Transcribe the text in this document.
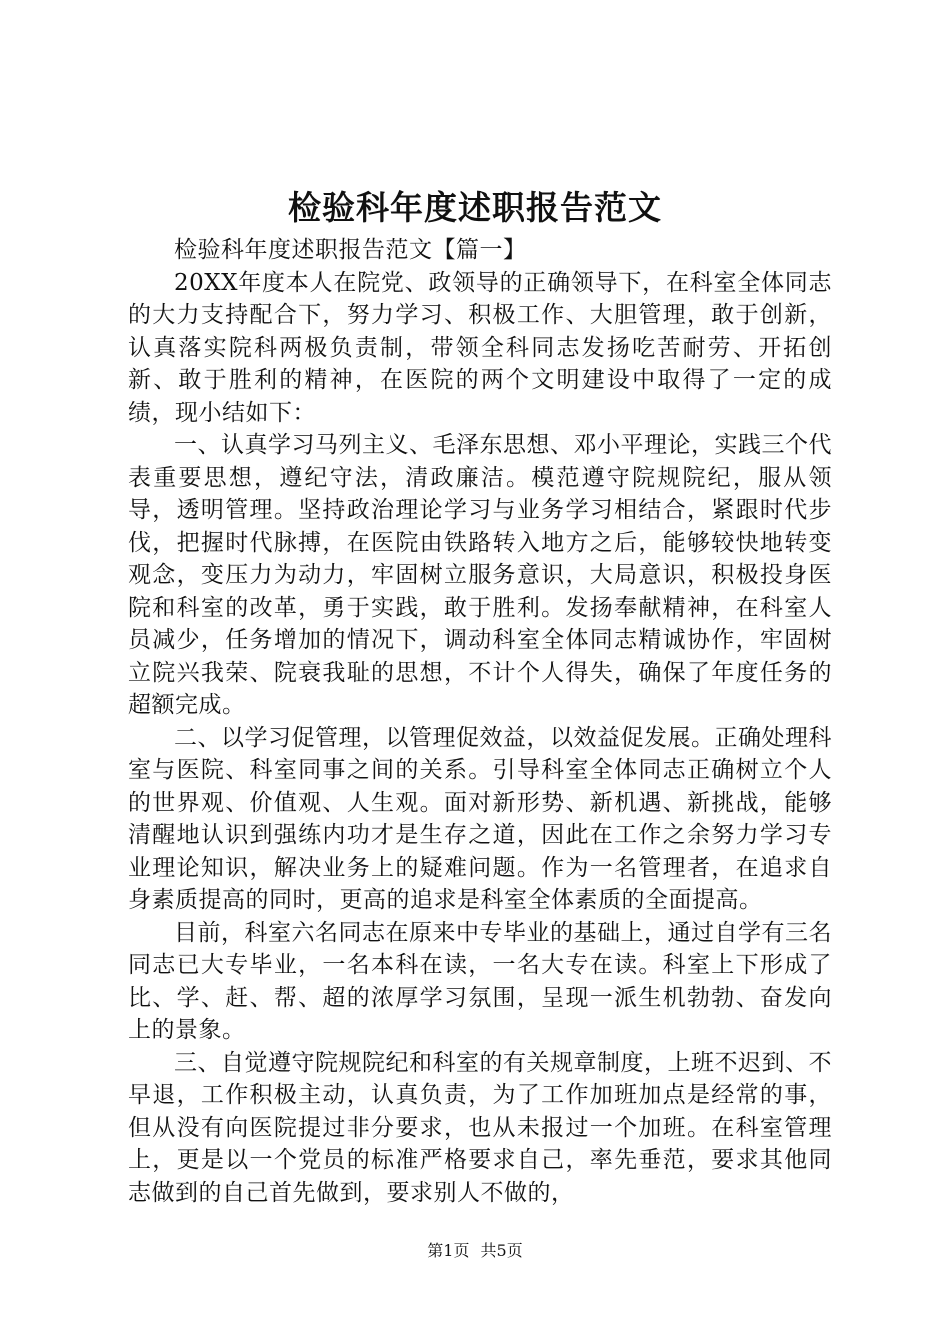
检验科年度述职报告范文

检验科年度述职报告范文【篇一】

20XX年度本人在院党、政领导的正确领导下，在科室全体同志的大力支持配合下，努力学习、积极工作、大胆管理，敢于创新，认真落实院科两极负责制，带领全科同志发扬吃苦耐劳、开拓创新、敢于胜利的精神，在医院的两个文明建设中取得了一定的成绩，现小结如下：

一、认真学习马列主义、毛泽东思想、邓小平理论，实践三个代表重要思想，遵纪守法，清政廉洁。模范遵守院规院纪，服从领导，透明管理。坚持政治理论学习与业务学习相结合，紧跟时代步伐，把握时代脉搏，在医院由铁路转入地方之后，能够较快地转变观念，变压力为动力，牢固树立服务意识，大局意识，积极投身医院和科室的改革，勇于实践，敢于胜利。发扬奉献精神，在科室人员减少，任务增加的情况下，调动科室全体同志精诚协作，牢固树立院兴我荣、院衰我耻的思想，不计个人得失，确保了年度任务的超额完成。

二、以学习促管理，以管理促效益，以效益促发展。正确处理科室与医院、科室同事之间的关系。引导科室全体同志正确树立个人的世界观、价值观、人生观。面对新形势、新机遇、新挑战，能够清醒地认识到强练内功才是生存之道，因此在工作之余努力学习专业理论知识，解决业务上的疑难问题。作为一名管理者，在追求自身素质提高的同时，更高的追求是科室全体素质的全面提高。

目前，科室六名同志在原来中专毕业的基础上，通过自学有三名同志已大专毕业，一名本科在读，一名大专在读。科室上下形成了比、学、赶、帮、超的浓厚学习氛围，呈现一派生机勃勃、奋发向上的景象。

三、自觉遵守院规院纪和科室的有关规章制度，上班不迟到、不早退，工作积极主动，认真负责，为了工作加班加点是经常的事，但从没有向医院提过非分要求，也从未报过一个加班。在科室管理上，更是以一个党员的标准严格要求自己，率先垂范，要求其他同志做到的自己首先做到，要求别人不做的，

第1页 共5页
